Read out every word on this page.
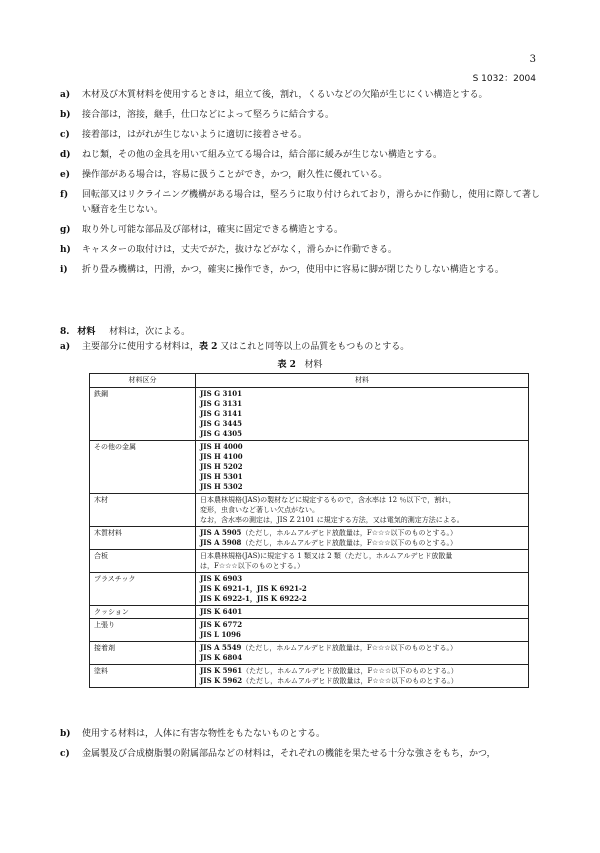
3
S 1032：2004
a)	木材及び木質材料を使用するときは，組立て後，割れ，くるいなどの欠陥が生じにくい構造とする。
b)	接合部は，溶接，継手，仕口などによって堅ろうに結合する。
c)	接着部は，はがれが生じないように適切に接着させる。
d)	ねじ類，その他の金具を用いて組み立てる場合は，結合部に緩みが生じない構造とする。
e)	操作部がある場合は，容易に扱うことができ，かつ，耐久性に優れている。
f)	回転部又はリクライニング機構がある場合は，堅ろうに取り付けられており，滑らかに作動し，使用に際して著しい騒音を生じない。
g)	取り外し可能な部品及び部材は，確実に固定できる構造とする。
h)	キャスターの取付けは，丈夫でがた，抜けなどがなく，滑らかに作動できる。
i)	折り畳み機構は，円滑，かつ，確実に操作でき，かつ，使用中に容易に脚が閉じたりしない構造とする。
8. 材料 材料は，次による。
a)	主要部分に使用する材料は，表 2 又はこれと同等以上の品質をもつものとする。
表 2 材料
材料区分	材料
鉄鋼	JIS G 3101
JIS G 3131
JIS G 3141
JIS G 3445
JIS G 4305

その他の金属	JIS H 4000
JIS H 4100
JIS H 5202
JIS H 5301
JIS H 5302

木材	日本農林規格(JAS)の製材などに規定するもので，含水率は 12 ％以下で，割れ，
変形，虫食いなど著しい欠点がない。
なお，含水率の測定は，JIS Z 2101 に規定する方法，又は電気的測定方法による。

木質材料	JIS A 5905（ただし，ホルムアルデヒド放散量は，F☆☆☆以下のものとする。）
JIS A 5908（ただし，ホルムアルデヒド放散量は，F☆☆☆以下のものとする。）

合板	日本農林規格(JAS)に規定する 1 類又は 2 類（ただし，ホルムアルデヒド放散量
は，F☆☆☆以下のものとする。）

プラスチック	JIS K 6903
JIS K 6921-1，JIS K 6921-2
JIS K 6922-1，JIS K 6922-2

クッション	JIS K 6401

上張り	JIS K 6772
JIS L 1096

接着剤	JIS A 5549（ただし，ホルムアルデヒド放散量は，F☆☆☆以下のものとする。）
JIS K 6804

塗料	JIS K 5961（ただし，ホルムアルデヒド放散量は，F☆☆☆以下のものとする。）
JIS K 5962（ただし，ホルムアルデヒド放散量は，F☆☆☆以下のものとする。）
b)	使用する材料は，人体に有害な物性をもたないものとする。
c)	金属製及び合成樹脂製の附属部品などの材料は，それぞれの機能を果たせる十分な強さをもち，かつ，
